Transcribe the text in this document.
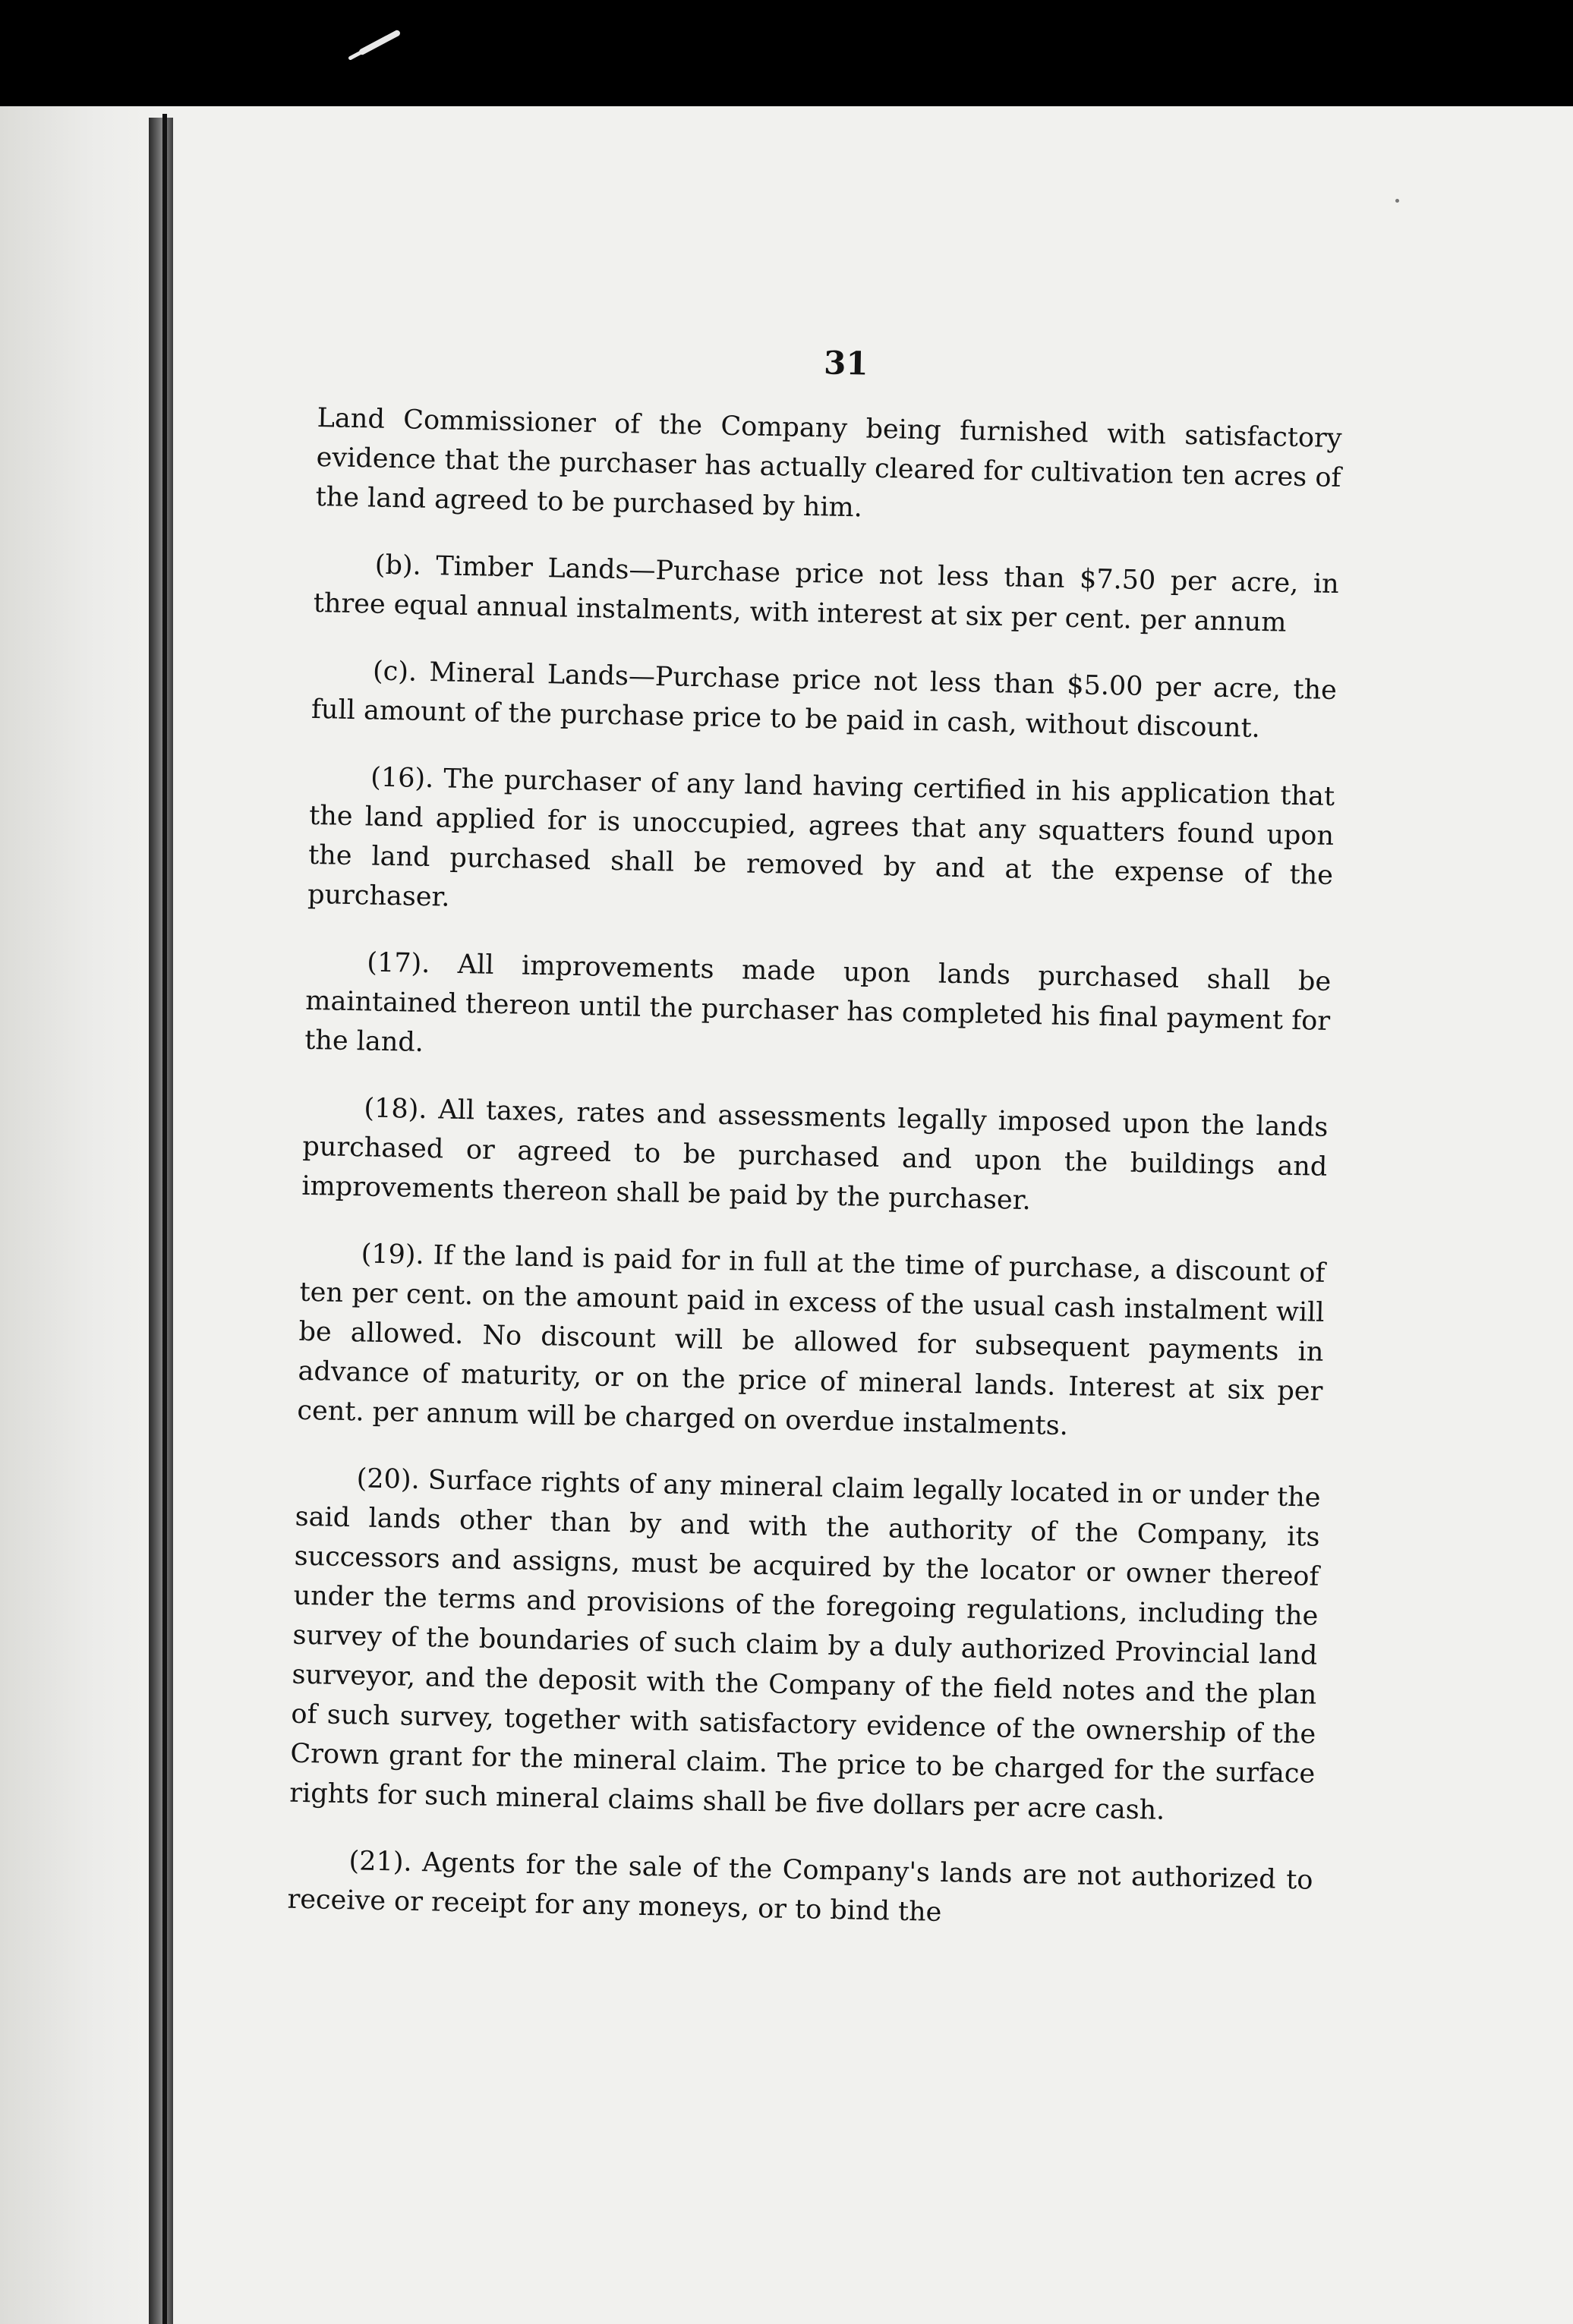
31

Land Commissioner of the Company being furnished with satisfactory evidence that the purchaser has actually cleared for cultivation ten acres of the land agreed to be purchased by him.

(b). Timber Lands—Purchase price not less than $7.50 per acre, in three equal annual instalments, with interest at six per cent. per annum

(c). Mineral Lands—Purchase price not less than $5.00 per acre, the full amount of the purchase price to be paid in cash, without discount.

(16). The purchaser of any land having certified in his application that the land applied for is unoccupied, agrees that any squatters found upon the land purchased shall be removed by and at the expense of the purchaser.

(17). All improvements made upon lands purchased shall be maintained thereon until the purchaser has completed his final payment for the land.

(18). All taxes, rates and assessments legally imposed upon the lands purchased or agreed to be purchased and upon the buildings and improvements thereon shall be paid by the purchaser.

(19). If the land is paid for in full at the time of purchase, a discount of ten per cent. on the amount paid in excess of the usual cash instalment will be allowed. No discount will be allowed for subsequent payments in advance of maturity, or on the price of mineral lands. Interest at six per cent. per annum will be charged on overdue instalments.

(20). Surface rights of any mineral claim legally located in or under the said lands other than by and with the authority of the Company, its successors and assigns, must be acquired by the locator or owner thereof under the terms and provisions of the foregoing regulations, including the survey of the boundaries of such claim by a duly authorized Provincial land surveyor, and the deposit with the Company of the field notes and the plan of such survey, together with satisfactory evidence of the ownership of the Crown grant for the mineral claim. The price to be charged for the surface rights for such mineral claims shall be five dollars per acre cash.

(21). Agents for the sale of the Company's lands are not authorized to receive or receipt for any moneys, or to bind the
